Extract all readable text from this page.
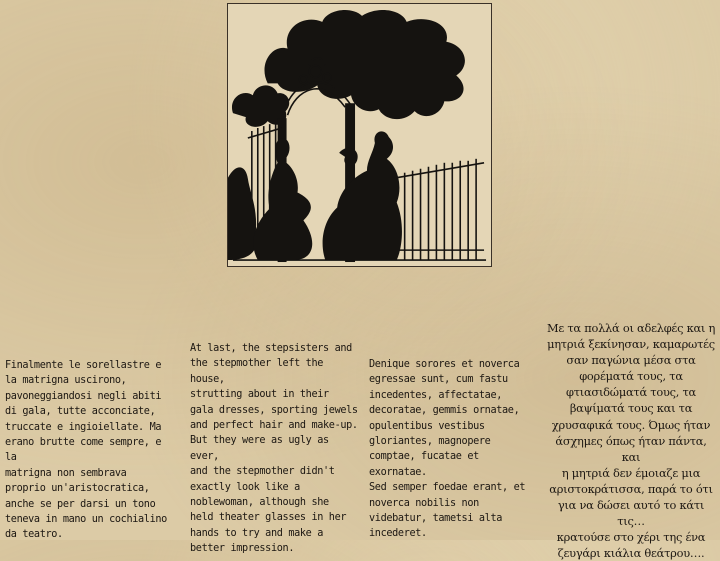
Finalmente le sorellastre e
la matrigna uscirono,
pavoneggiandosi negli abiti
di gala, tutte acconciate,
truccate e ingioiellate. Ma
erano brutte come sempre, e la
matrigna non sembrava
proprio un'aristocratica,
anche se per darsi un tono
teneva in mano un cochialino
da teatro.

At last, the stepsisters and
the stepmother left the house,
strutting about in their
gala dresses, sporting jewels
and perfect hair and make-up.
But they were as ugly as ever,
and the stepmother didn't
exactly look like a
noblewoman, although she
held theater glasses in her
hands to try and make a
better impression.

Denique sorores et noverca
egressae sunt, cum fastu
incedentes, affectatae,
decoratae, gemmis ornatae,
opulentibus vestibus
gloriantes, magnopere
comptae, fucatae et exornatae.
Sed semper foedae erant, et
noverca nobilis non
videbatur, tametsi alta
incederet.

Με τα πολλά οι αδελφές και η
μητριά ξεκίνησαν, καμαρωτές
σαν παγώνια μέσα στα
φορέματά τους, τα
φτιασιδώματά τους, τα
βαψίματά τους και τα
χρυσαφικά τους. Όμως ήταν
άσχημες όπως ήταν πάντα, και
η μητριά δεν έμοιαζε μια
αριστοκράτισσα, παρά το ότι
για να δώσει αυτό το κάτι τις…
κρατούσε στο χέρι της ένα
ζευγάρι κιάλια θεάτρου….
